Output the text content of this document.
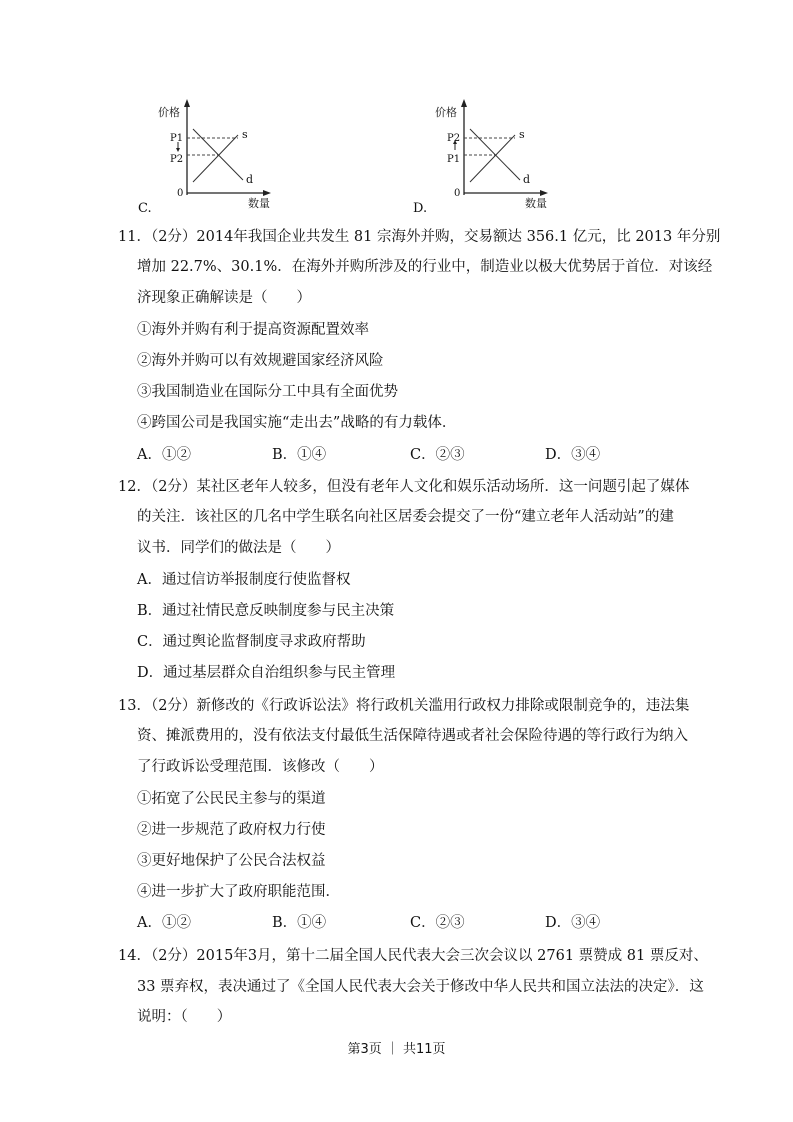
价格
数量
0
P1
P2
s
d
C.
价格
数量
0
P2
P1
s
d
D.
11．（2分）2014年我国企业共发生 81 宗海外并购，交易额达 356.1 亿元，比 2013 年分别
增加 22.7%、30.1%．在海外并购所涉及的行业中，制造业以极大优势居于首位．对该经
济现象正确解读是（　　）
①海外并购有利于提高资源配置效率
②海外并购可以有效规避国家经济风险
③我国制造业在国际分工中具有全面优势
④跨国公司是我国实施“走出去”战略的有力载体．
A．①②	B．①④	C．②③	D．③④
12．（2分）某社区老年人较多，但没有老年人文化和娱乐活动场所．这一问题引起了媒体
的关注．该社区的几名中学生联名向社区居委会提交了一份“建立老年人活动站”的建
议书．同学们的做法是（　　）
A．通过信访举报制度行使监督权
B．通过社情民意反映制度参与民主决策
C．通过舆论监督制度寻求政府帮助
D．通过基层群众自治组织参与民主管理
13．（2分）新修改的《行政诉讼法》将行政机关滥用行政权力排除或限制竞争的，违法集
资、摊派费用的，没有依法支付最低生活保障待遇或者社会保险待遇的等行政行为纳入
了行政诉讼受理范围．该修改（　　）
①拓宽了公民民主参与的渠道
②进一步规范了政府权力行使
③更好地保护了公民合法权益
④进一步扩大了政府职能范围．
A．①②	B．①④	C．②③	D．③④
14．（2分）2015年3月，第十二届全国人民代表大会三次会议以 2761 票赞成 81 票反对、
33 票弃权，表决通过了《全国人民代表大会关于修改中华人民共和国立法法的决定》．这
说明：（　　）
第3页 ｜ 共11页
